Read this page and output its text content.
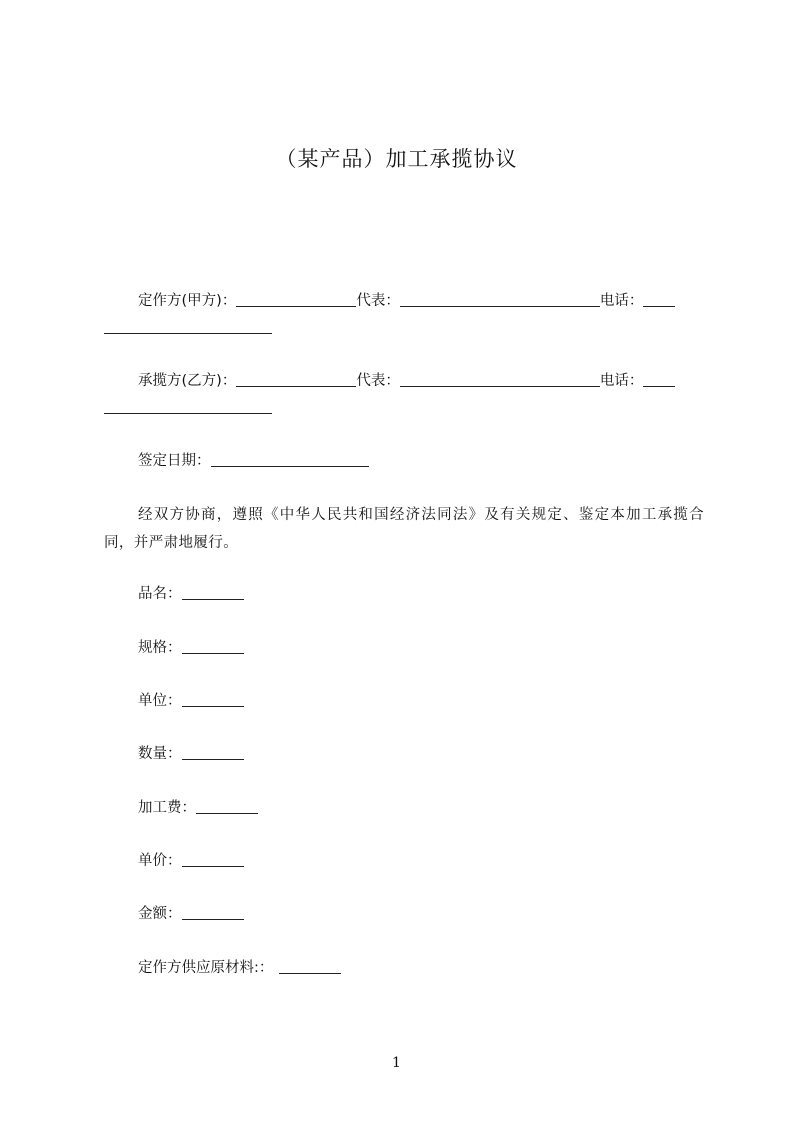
（某产品）加工承揽协议
定作方(甲方)：	代表：	电话：
承揽方(乙方)：	代表：	电话：
签定日期：
经双方协商，遵照《中华人民共和国经济法同法》及有关规定、鉴定本加工承揽合同，并严肃地履行。
品名：
规格：
单位：
数量：
加工费：
单价：
金额：
定作方供应原材料:：
1
